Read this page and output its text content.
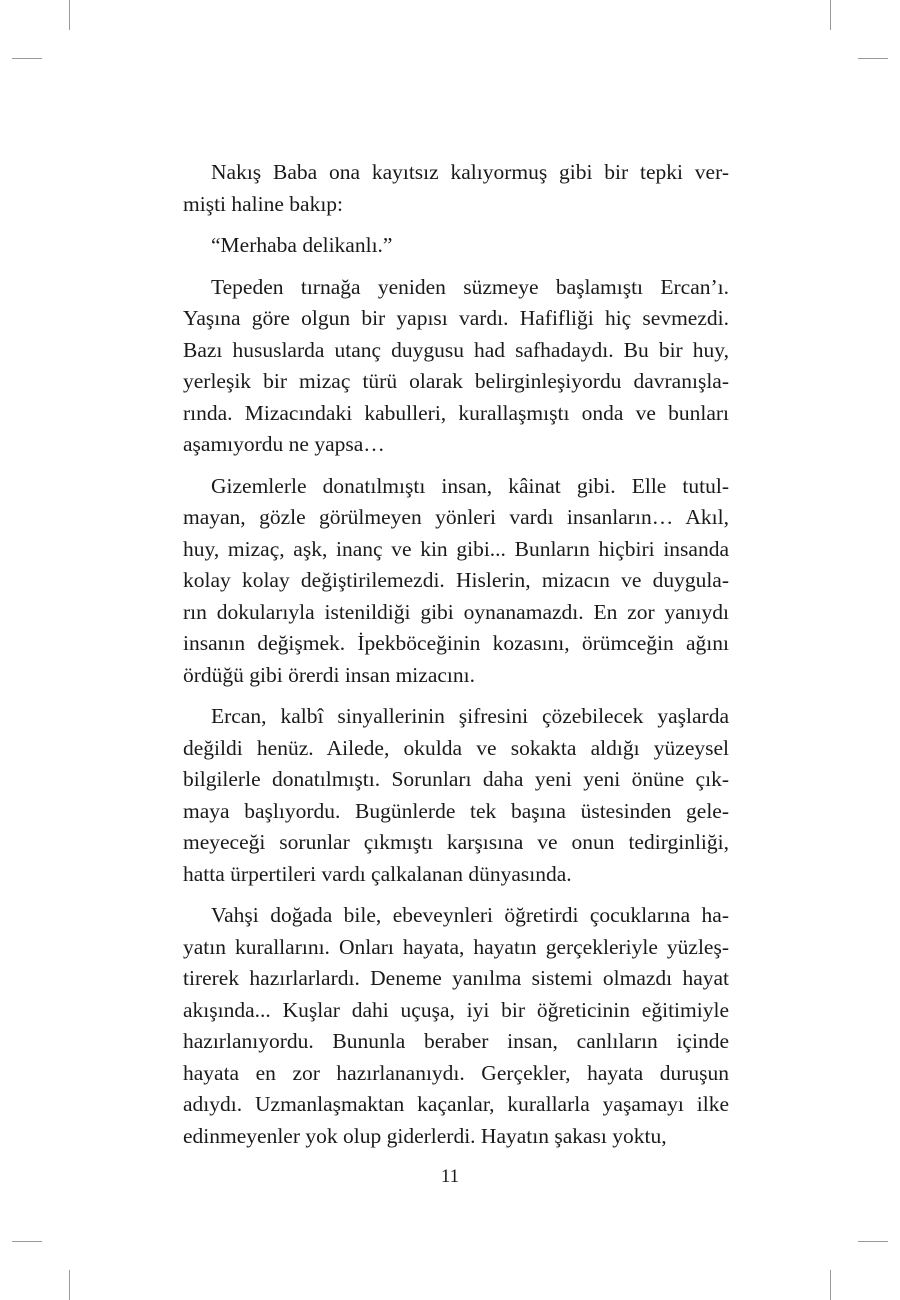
Nakış Baba ona kayıtsız kalıyormuş gibi bir tepki ver-
mişti haline bakıp:
“Merhaba delikanlı.”
Tepeden tırnağa yeniden süzmeye başlamıştı Ercan’ı.
Yaşına göre olgun bir yapısı vardı. Hafifliği hiç sevmezdi.
Bazı hususlarda utanç duygusu had safhadaydı. Bu bir huy,
yerleşik bir mizaç türü olarak belirginleşiyordu davranışla-
rında. Mizacındaki kabulleri, kurallaşmıştı onda ve bunları
aşamıyordu ne yapsa…
Gizemlerle donatılmıştı insan, kâinat gibi. Elle tutul-
mayan, gözle görülmeyen yönleri vardı insanların… Akıl,
huy, mizaç, aşk, inanç ve kin gibi... Bunların hiçbiri insanda
kolay kolay değiştirilemezdi. Hislerin, mizacın ve duygula-
rın dokularıyla istenildiği gibi oynanamazdı. En zor yanıydı
insanın değişmek. İpekböceğinin kozasını, örümceğin ağını
ördüğü gibi örerdi insan mizacını.
Ercan, kalbî sinyallerinin şifresini çözebilecek yaşlarda
değildi henüz. Ailede, okulda ve sokakta aldığı yüzeysel
bilgilerle donatılmıştı. Sorunları daha yeni yeni önüne çık-
maya başlıyordu. Bugünlerde tek başına üstesinden gele-
meyeceği sorunlar çıkmıştı karşısına ve onun tedirginliği,
hatta ürpertileri vardı çalkalanan dünyasında.
Vahşi doğada bile, ebeveynleri öğretirdi çocuklarına ha-
yatın kurallarını. Onları hayata, hayatın gerçekleriyle yüzleş-
tirerek hazırlarlardı. Deneme yanılma sistemi olmazdı hayat
akışında... Kuşlar dahi uçuşa, iyi bir öğreticinin eğitimiyle
hazırlanıyordu. Bununla beraber insan, canlıların içinde
hayata en zor hazırlananıydı. Gerçekler, hayata duruşun
adıydı. Uzmanlaşmaktan kaçanlar, kurallarla yaşamayı ilke
edinmeyenler yok olup giderlerdi. Hayatın şakası yoktu,
11
